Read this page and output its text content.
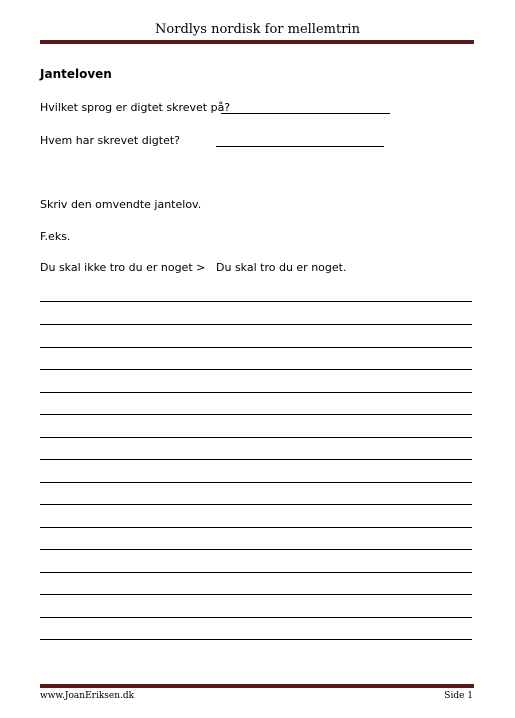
Nordlys nordisk for mellemtrin
Janteloven
Hvilket sprog er digtet skrevet på?
Hvem har skrevet digtet?
Skriv den omvendte jantelov.
F.eks.
Du skal ikke tro du er noget > Du skal tro du er noget.
www.JoanEriksen.dk	Side 1
